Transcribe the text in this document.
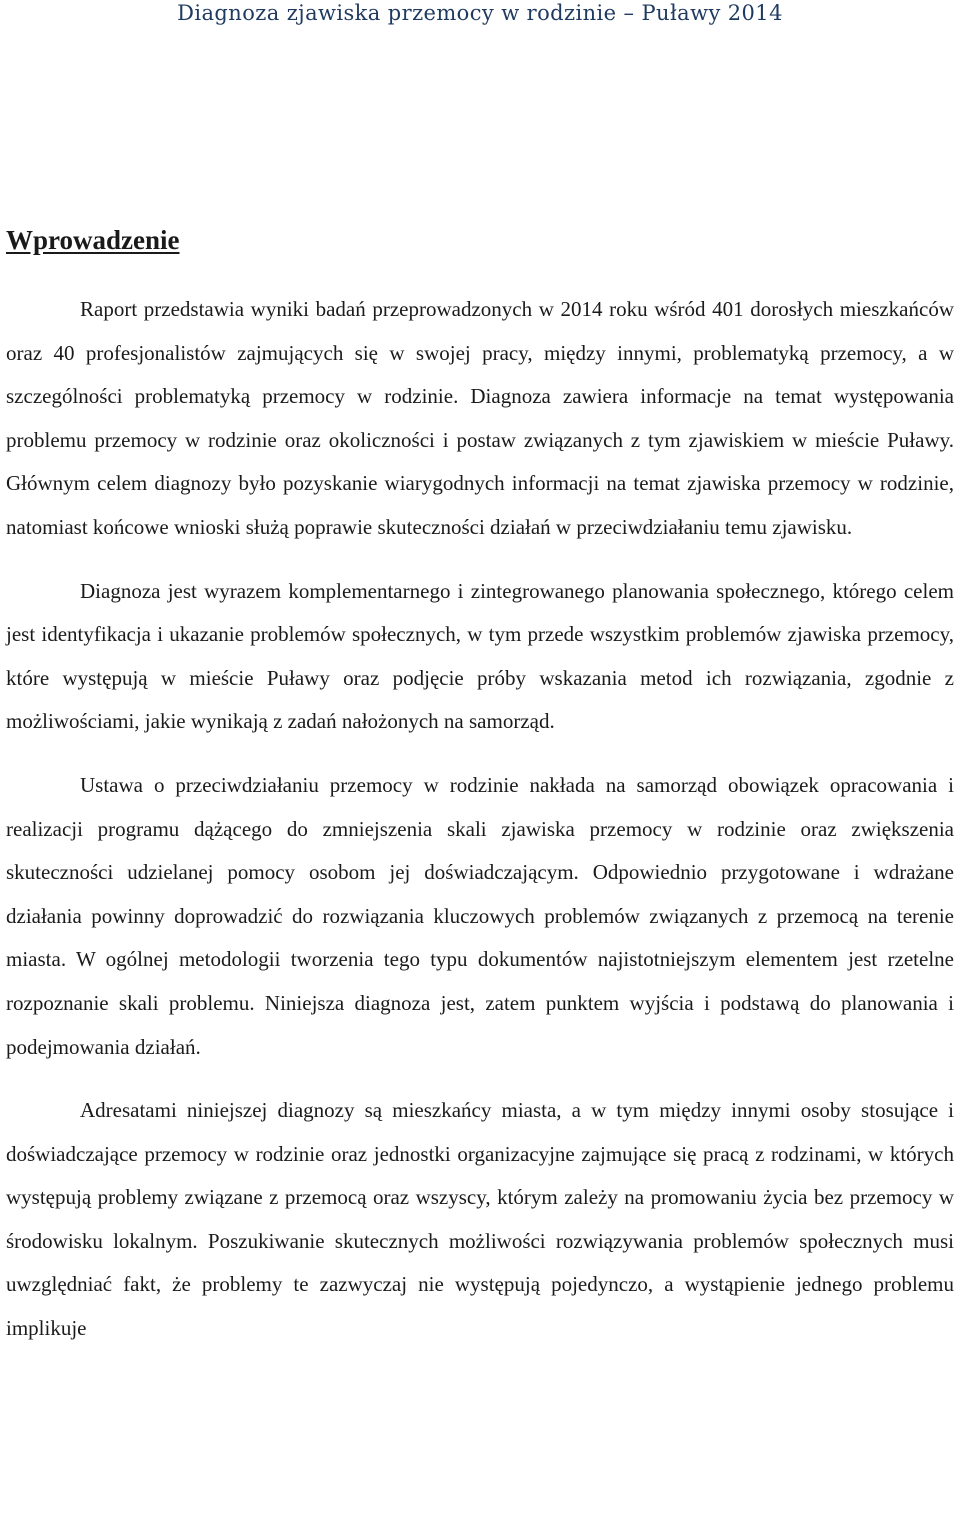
Diagnoza zjawiska przemocy w rodzinie – Puławy 2014
Wprowadzenie

Raport przedstawia wyniki badań przeprowadzonych w 2014 roku wśród 401 dorosłych mieszkańców oraz 40 profesjonalistów zajmujących się w swojej pracy, między innymi, problematyką przemocy, a w szczególności problematyką przemocy w rodzinie. Diagnoza zawiera informacje na temat występowania problemu przemocy w rodzinie oraz okoliczności i postaw związanych z tym zjawiskiem w mieście Puławy. Głównym celem diagnozy było pozyskanie wiarygodnych informacji na temat zjawiska przemocy w rodzinie, natomiast końcowe wnioski służą poprawie skuteczności działań w przeciwdziałaniu temu zjawisku.

Diagnoza jest wyrazem komplementarnego i zintegrowanego planowania społecznego, którego celem jest identyfikacja i ukazanie problemów społecznych, w tym przede wszystkim problemów zjawiska przemocy, które występują w mieście Puławy oraz podjęcie próby wskazania metod ich rozwiązania, zgodnie z możliwościami, jakie wynikają z zadań nałożonych na samorząd.

Ustawa o przeciwdziałaniu przemocy w rodzinie nakłada na samorząd obowiązek opracowania i realizacji programu dążącego do zmniejszenia skali zjawiska przemocy w rodzinie oraz zwiększenia skuteczności udzielanej pomocy osobom jej doświadczającym. Odpowiednio przygotowane i wdrażane działania powinny doprowadzić do rozwiązania kluczowych problemów związanych z przemocą na terenie miasta. W ogólnej metodologii tworzenia tego typu dokumentów najistotniejszym elementem jest rzetelne rozpoznanie skali problemu. Niniejsza diagnoza jest, zatem punktem wyjścia i podstawą do planowania i podejmowania działań.

Adresatami niniejszej diagnozy są mieszkańcy miasta, a w tym między innymi osoby stosujące i doświadczające przemocy w rodzinie oraz jednostki organizacyjne zajmujące się pracą z rodzinami, w których występują problemy związane z przemocą oraz wszyscy, którym zależy na promowaniu życia bez przemocy w środowisku lokalnym. Poszukiwanie skutecznych możliwości rozwiązywania problemów społecznych musi uwzględniać fakt, że problemy te zazwyczaj nie występują pojedynczo, a wystąpienie jednego problemu implikuje
